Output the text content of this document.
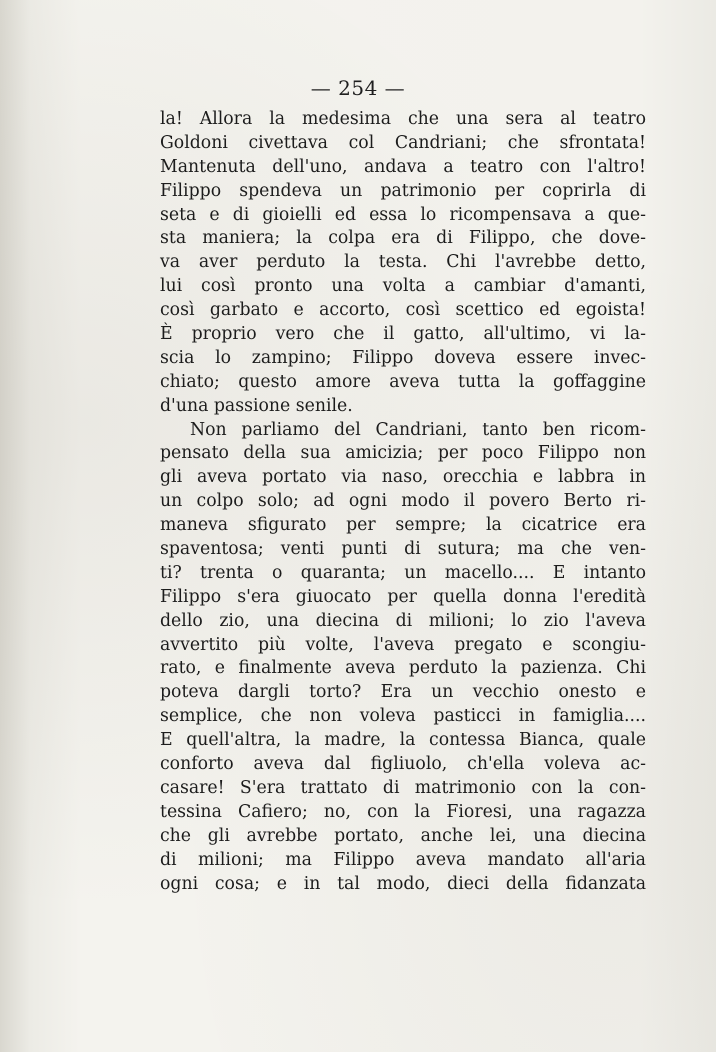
— 254 —
la! Allora la medesima che una sera al teatro
Goldoni civettava col Candriani; che sfrontata!
Mantenuta dell'uno, andava a teatro con l'altro!
Filippo spendeva un patrimonio per coprirla di
seta e di gioielli ed essa lo ricompensava a que-
sta maniera; la colpa era di Filippo, che dove-
va aver perduto la testa. Chi l'avrebbe detto,
lui così pronto una volta a cambiar d'amanti,
così garbato e accorto, così scettico ed egoista!
È proprio vero che il gatto, all'ultimo, vi la-
scia lo zampino; Filippo doveva essere invec-
chiato; questo amore aveva tutta la goffaggine
d'una passione senile.
Non parliamo del Candriani, tanto ben ricom-
pensato della sua amicizia; per poco Filippo non
gli aveva portato via naso, orecchia e labbra in
un colpo solo; ad ogni modo il povero Berto ri-
maneva sfigurato per sempre; la cicatrice era
spaventosa; venti punti di sutura; ma che ven-
ti? trenta o quaranta; un macello.... E intanto
Filippo s'era giuocato per quella donna l'eredità
dello zio, una diecina di milioni; lo zio l'aveva
avvertito più volte, l'aveva pregato e scongiu-
rato, e finalmente aveva perduto la pazienza. Chi
poteva dargli torto? Era un vecchio onesto e
semplice, che non voleva pasticci in famiglia....
E quell'altra, la madre, la contessa Bianca, quale
conforto aveva dal figliuolo, ch'ella voleva ac-
casare! S'era trattato di matrimonio con la con-
tessina Cafiero; no, con la Fioresi, una ragazza
che gli avrebbe portato, anche lei, una diecina
di milioni; ma Filippo aveva mandato all'aria
ogni cosa; e in tal modo, dieci della fidanzata
